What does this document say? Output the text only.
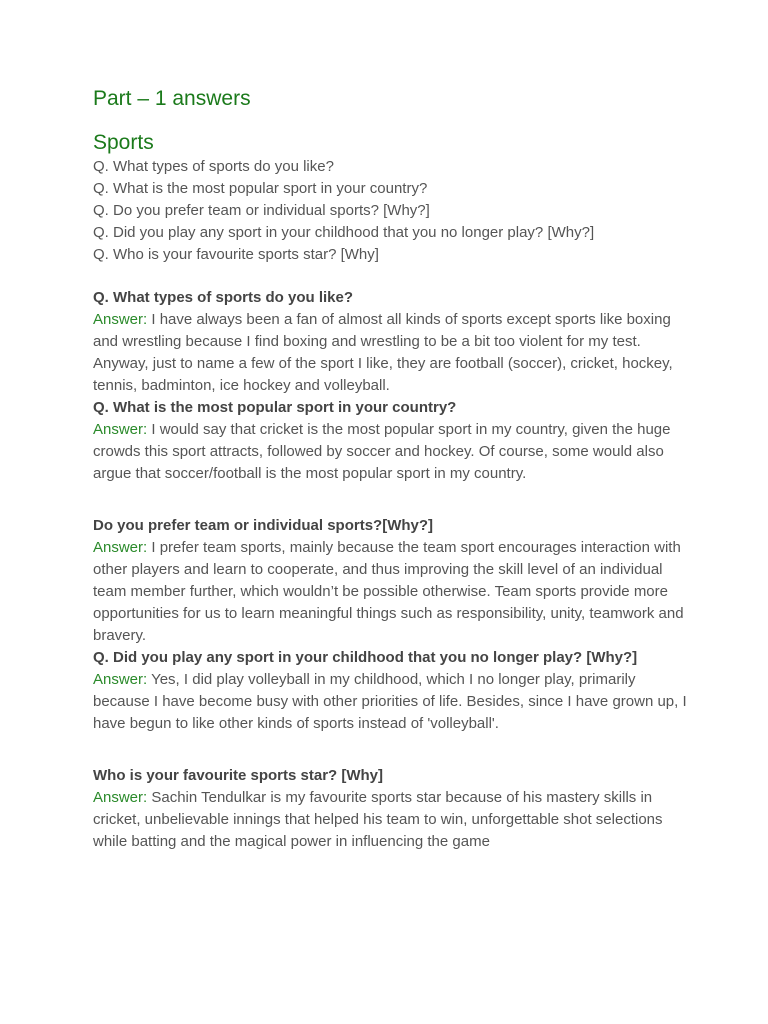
Part – 1 answers
Sports
Q. What types of sports do you like?
Q. What is the most popular sport in your country?
Q. Do you prefer team or individual sports? [Why?]
Q. Did you play any sport in your childhood that you no longer play? [Why?]
Q. Who is your favourite sports star? [Why]

Q. What types of sports do you like?

Answer: I have always been a fan of almost all kinds of sports except sports like boxing and wrestling because I find boxing and wrestling to be a bit too violent for my test. Anyway, just to name a few of the sport I like, they are football (soccer), cricket, hockey, tennis, badminton, ice hockey and volleyball.

Q. What is the most popular sport in your country?

Answer: I would say that cricket is the most popular sport in my country, given the huge crowds this sport attracts, followed by soccer and hockey. Of course, some would also argue that soccer/football is the most popular sport in my country.

Do you prefer team or individual sports?[Why?]

Answer: I prefer team sports, mainly because the team sport encourages interaction with other players and learn to cooperate, and thus improving the skill level of an individual team member further, which wouldn’t be possible otherwise. Team sports provide more opportunities for us to learn meaningful things such as responsibility, unity, teamwork and bravery.

Q. Did you play any sport in your childhood that you no longer play? [Why?]

Answer: Yes, I did play volleyball in my childhood, which I no longer play, primarily because I have become busy with other priorities of life. Besides, since I have grown up, I have begun to like other kinds of sports instead of 'volleyball'.

Who is your favourite sports star? [Why]

Answer: Sachin Tendulkar is my favourite sports star because of his mastery skills in cricket, unbelievable innings that helped his team to win, unforgettable shot selections while batting and the magical power in influencing the game
